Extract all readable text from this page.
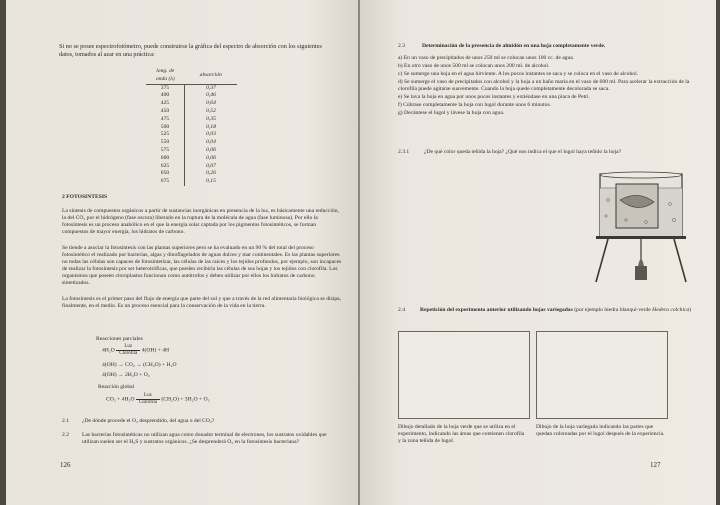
Si no se posee espectrofotómetro, puede construirse la gráfica del espectro de absorción con los siguientes datos, tomados al azar en una práctica:
long. de onda (λ)	absorción
375	0,37
400	0,46
425	0,64
450	0,52
475	0,35
500	0,18
525	0,03
550	0,04
575	0,06
600	0,06
625	0,07
650	0,26
675	0,15
2 FOTOSINTESIS
La síntesis de compuestos orgánicos a partir de sustancias inorgánicas en presencia de la luz, es básicamente una reducción, la del CO₂ por el hidrógeno (fase oscura) liberado en la ruptura de la molécula de agua (fase luminosa). Por ello la fotosíntesis es un proceso anabólico en el que la energía solar captada por los pigmentos fotosintéticos, se forman compuestos de mayor energía, los hidratos de carbono.
Se tiende a asociar la fotosíntesis con las plantas superiores pero se ha evaluado en un 90 % del total del proceso fotosintético el realizado por bacterias, algas y dinoflagelados de aguas dulces y mar continentales. Es las plantas superiores no todas las células son capaces de fotosintetizar, las células de las raíces y los tejidos profundos, por ejemplo, son incapaces de realizar la fotosíntesis por ser heterotróficas, que pueden recibirla las células de sus hojas y los tejidos con clorofila. Los organismos que poseen cloroplastos funcionan como autótrofos y deben utilizar por ellos los hidratos de carbono sintetizados.
La fotosíntesis es el primer paso del flujo de energía que parte del sol y que a través de la red alimentaria biológica se disipa, finalmente, en el medio. Es un proceso esencial para la conservación de la vida en la tierra.
Reacciones parciales
$4H_2O \frac{\text{Luz}}{\text{Clorofila}} 4(OH) + 4H$
4(OH) → CO₂ → (CH₂O) + H₂O
4(OH) → 2H₂O + O₂
Reacción global
$CO_2 + 4H_2O \frac{\text{Luz}}{\text{Clorofila}} (CH_2O) + 3H_2O + O_2$
2.1 ¿De dónde procede el O₂ desprendido, del agua o del CO₂?
2.2 Las bacterias fotosintéticas no utilizan agua como donador terminal de electrones, los sustratos oxidables que utilizan suelen ser el H₂S y sustratos orgánicos. ¿Se desprenderá O₂ en la fotosíntesis bacteriana?
126
2.3	Determinación de la presencia de almidón en una hoja completamente verde.
a) En un vaso de precipitados de unos 250 ml se colocan unos 100 cc. de agua.
b) En otro vaso de unos 500 ml se colocan unos 200 ml. de alcohol.
c) Se sumerge una hoja en el agua hirviente. A los pocos instantes se saca y se coloca en el vaso de alcohol.
d) Se sumerge el vaso de precipitados con alcohol y la hoja a un baño maría en el vaso de 600 ml. Para acelerar la extracción de la clorofila puede agitarse suavemente. Cuando la hoja quede completamente decolorada se saca.
e) Se lava la hoja en agua por unos pocos instantes y extiéndase en una placa de Petri.
f) Cúbrase completamente la hoja con lugol durante unos 6 minutos.
g) Decántese el lugol y lávese la hoja con agua.
2.3.1	¿De qué color queda teñida la hoja? ¿Qué nos indica el que el lugol haya teñido la hoja?
2.4	Repetición del experimento anterior utilizando hojas variegadas (por ejemplo hiedra blanqui-verde Hedera colchica)
Dibujo detallado de la hoja verde que se utiliza en el experimento, indicando las áreas que contienen clorofila y la zona teñida de lugol.
Dibujo de la hoja variegada indicando las partes que quedan coloreadas por el lugol después de la experiencia.
127
